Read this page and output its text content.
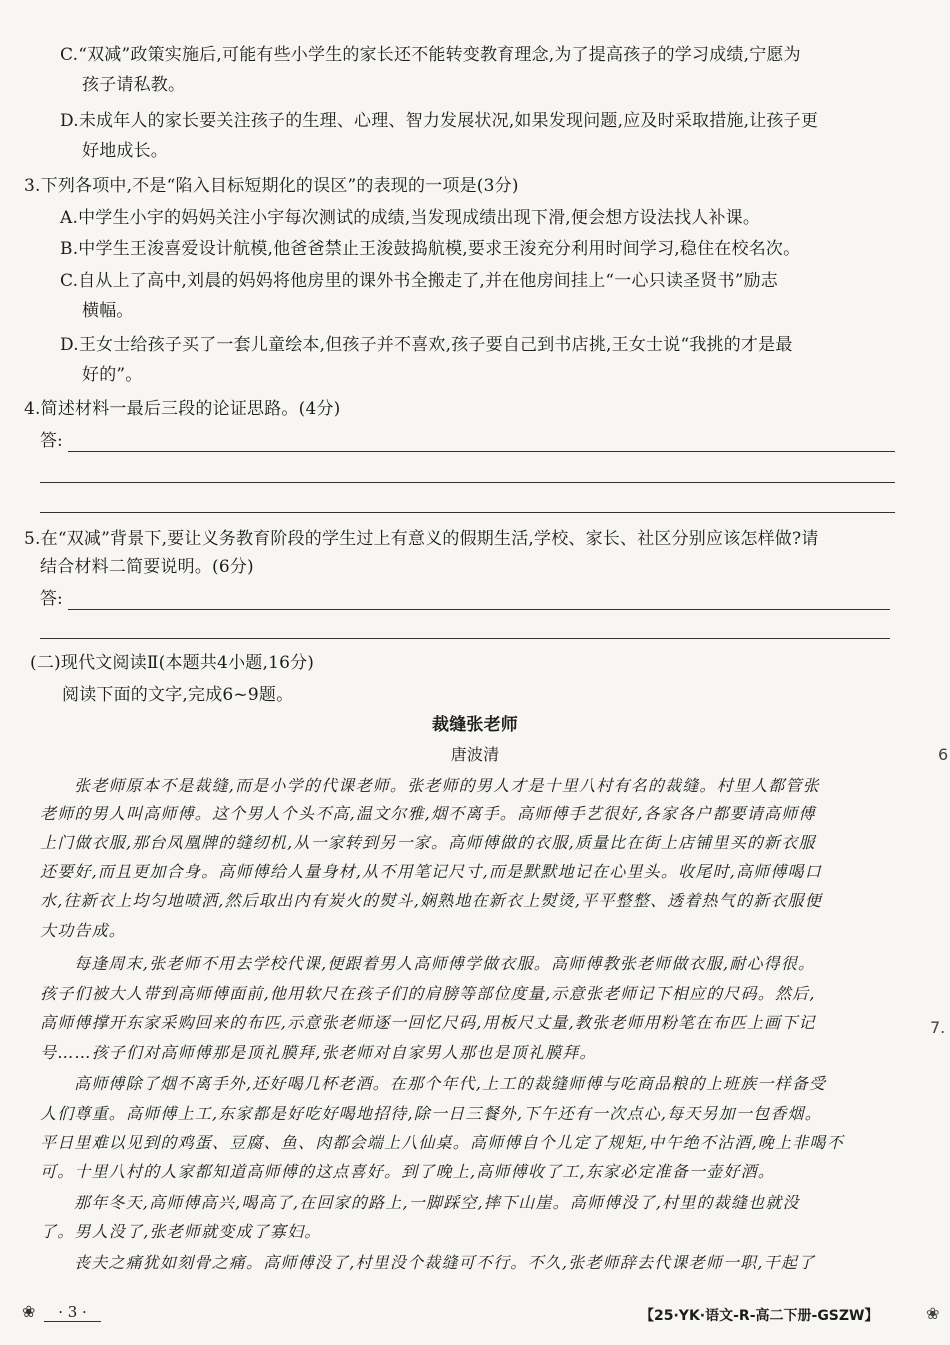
C.“双减”政策实施后,可能有些小学生的家长还不能转变教育理念,为了提高孩子的学习成绩,宁愿为
孩子请私教。
D.未成年人的家长要关注孩子的生理、心理、智力发展状况,如果发现问题,应及时采取措施,让孩子更
好地成长。
3.下列各项中,不是“陷入目标短期化的误区”的表现的一项是(3分)
A.中学生小宇的妈妈关注小宇每次测试的成绩,当发现成绩出现下滑,便会想方设法找人补课。
B.中学生王浚喜爱设计航模,他爸爸禁止王浚鼓捣航模,要求王浚充分利用时间学习,稳住在校名次。
C.自从上了高中,刘晨的妈妈将他房里的课外书全搬走了,并在他房间挂上“一心只读圣贤书”励志
横幅。
D.王女士给孩子买了一套儿童绘本,但孩子并不喜欢,孩子要自己到书店挑,王女士说“我挑的才是最
好的”。
4.简述材料一最后三段的论证思路。(4分)
答:
5.在“双减”背景下,要让义务教育阶段的学生过上有意义的假期生活,学校、家长、社区分别应该怎样做?请
结合材料二简要说明。(6分)
答:
(二)现代文阅读Ⅱ(本题共4小题,16分)
阅读下面的文字,完成6~9题。
裁缝张老师
唐波清
张老师原本不是裁缝,而是小学的代课老师。张老师的男人才是十里八村有名的裁缝。村里人都管张
老师的男人叫高师傅。这个男人个头不高,温文尔雅,烟不离手。高师傅手艺很好,各家各户都要请高师傅
上门做衣服,那台凤凰牌的缝纫机,从一家转到另一家。高师傅做的衣服,质量比在街上店铺里买的新衣服
还要好,而且更加合身。高师傅给人量身材,从不用笔记尺寸,而是默默地记在心里头。收尾时,高师傅喝口
水,往新衣上均匀地喷洒,然后取出内有炭火的熨斗,娴熟地在新衣上熨烫,平平整整、透着热气的新衣服便
大功告成。
每逢周末,张老师不用去学校代课,便跟着男人高师傅学做衣服。高师傅教张老师做衣服,耐心得很。
孩子们被大人带到高师傅面前,他用软尺在孩子们的肩膀等部位度量,示意张老师记下相应的尺码。然后,
高师傅撑开东家采购回来的布匹,示意张老师逐一回忆尺码,用板尺丈量,教张老师用粉笔在布匹上画下记
号……孩子们对高师傅那是顶礼膜拜,张老师对自家男人那也是顶礼膜拜。
高师傅除了烟不离手外,还好喝几杯老酒。在那个年代,上工的裁缝师傅与吃商品粮的上班族一样备受
人们尊重。高师傅上工,东家都是好吃好喝地招待,除一日三餐外,下午还有一次点心,每天另加一包香烟。
平日里难以见到的鸡蛋、豆腐、鱼、肉都会端上八仙桌。高师傅自个儿定了规矩,中午绝不沾酒,晚上非喝不
可。十里八村的人家都知道高师傅的这点喜好。到了晚上,高师傅收了工,东家必定准备一壶好酒。
那年冬天,高师傅高兴,喝高了,在回家的路上,一脚踩空,摔下山崖。高师傅没了,村里的裁缝也就没
了。男人没了,张老师就变成了寡妇。
丧夫之痛犹如刻骨之痛。高师傅没了,村里没个裁缝可不行。不久,张老师辞去代课老师一职,干起了
❀ · 3 ·	【25·YK·语文-R-高二下册-GSZW】	❀
6
7.
